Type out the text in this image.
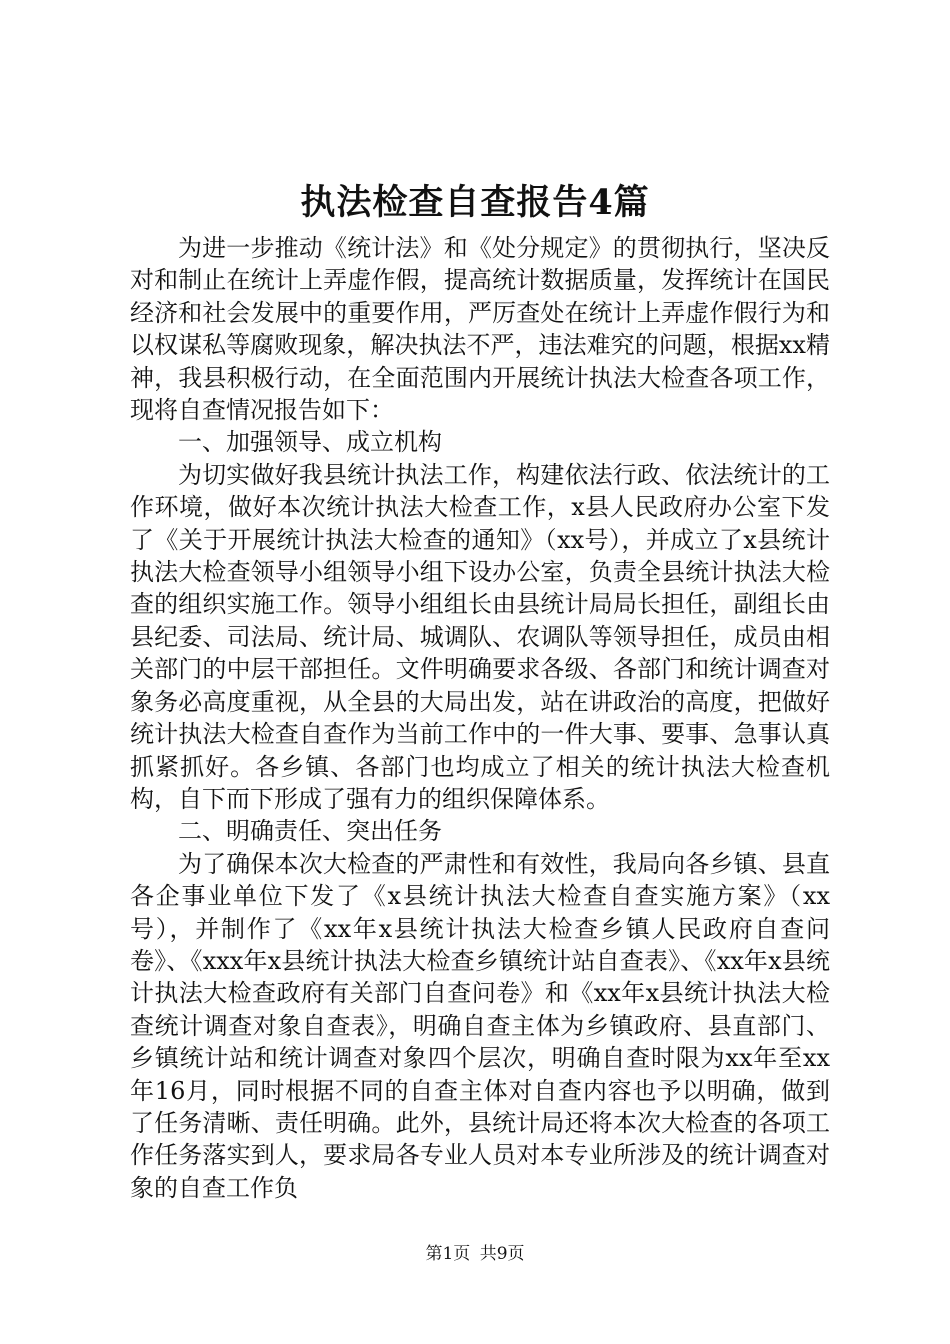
执法检查自查报告4篇

为进一步推动《统计法》和《处分规定》的贯彻执行，坚决反对和制止在统计上弄虚作假，提高统计数据质量，发挥统计在国民经济和社会发展中的重要作用，严厉查处在统计上弄虚作假行为和以权谋私等腐败现象，解决执法不严，违法难究的问题，根据xx精神，我县积极行动，在全面范围内开展统计执法大检查各项工作，现将自查情况报告如下：

一、加强领导、成立机构

为切实做好我县统计执法工作，构建依法行政、依法统计的工作环境，做好本次统计执法大检查工作，x县人民政府办公室下发了《关于开展统计执法大检查的通知》（xx号），并成立了x县统计执法大检查领导小组领导小组下设办公室，负责全县统计执法大检查的组织实施工作。领导小组组长由县统计局局长担任，副组长由县纪委、司法局、统计局、城调队、农调队等领导担任，成员由相关部门的中层干部担任。文件明确要求各级、各部门和统计调查对象务必高度重视，从全县的大局出发，站在讲政治的高度，把做好统计执法大检查自查作为当前工作中的一件大事、要事、急事认真抓紧抓好。各乡镇、各部门也均成立了相关的统计执法大检查机构，自下而下形成了强有力的组织保障体系。

二、明确责任、突出任务

为了确保本次大检查的严肃性和有效性，我局向各乡镇、县直各企事业单位下发了《x县统计执法大检查自查实施方案》（xx号），并制作了《xx年x县统计执法大检查乡镇人民政府自查问卷》、《xxx年x县统计执法大检查乡镇统计站自查表》、《xx年x县统计执法大检查政府有关部门自查问卷》和《xx年x县统计执法大检查统计调查对象自查表》，明确自查主体为乡镇政府、县直部门、乡镇统计站和统计调查对象四个层次，明确自查时限为xx年至xx年16月，同时根据不同的自查主体对自查内容也予以明确，做到了任务清晰、责任明确。此外，县统计局还将本次大检查的各项工作任务落实到人，要求局各专业人员对本专业所涉及的统计调查对象的自查工作负

第1页 共9页
